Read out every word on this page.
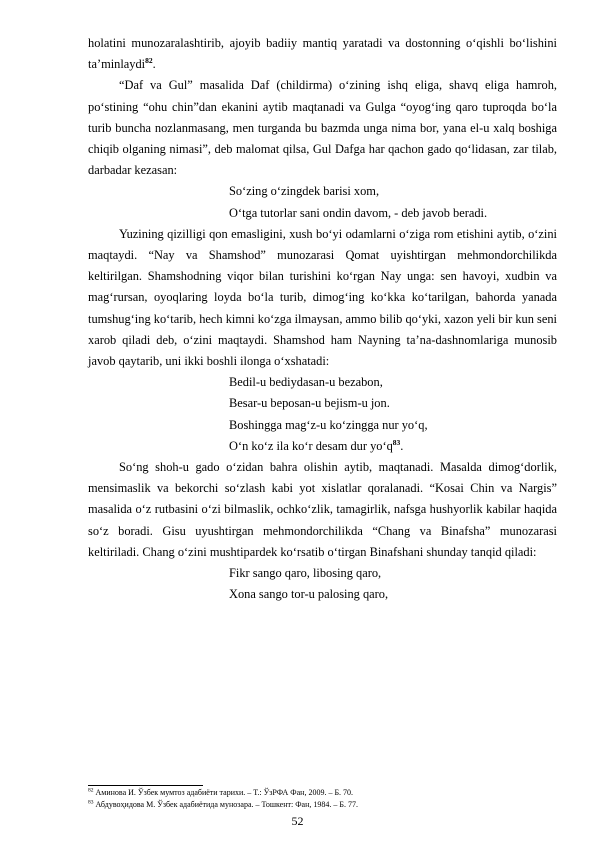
holatini munozaralashtirib, ajoyib badiiy mantiq yaratadi va dostonning o‘qishli bo‘lishini ta’minlaydi$^{82}$.

“Daf va Gul” masalida Daf (childirma) o‘zining ishq eliga, shavq eliga hamroh, po‘stining “ohu chin”dan ekanini aytib maqtanadi va Gulga “oyog‘ing qaro tuproqda bo‘la turib buncha nozlanmasang, men turganda bu bazmda unga nima bor, yana el-u xalq boshiga chiqib olganing nimasi”, deb malomat qilsa, Gul Dafga har qachon gado qo‘lidasan, zar tilab, darbadar kezasan:

So‘zing o‘zingdek barisi xom,

O‘tga tutorlar sani ondin davom, - deb javob beradi.

Yuzining qizilligi qon emasligini, xush bo‘yi odamlarni o‘ziga rom etishini aytib, o‘zini maqtaydi. “Nay va Shamshod” munozarasi Qomat uyishtirgan mehmondorchilikda keltirilgan. Shamshodning viqor bilan turishini ko‘rgan Nay unga: sen havoyi, xudbin va mag‘rursan, oyoqlaring loyda bo‘la turib, dimog‘ing ko‘kka ko‘tarilgan, bahorda yanada tumshug‘ing ko‘tarib, hech kimni ko‘zga ilmaysan, ammo bilib qo‘yki, xazon yeli bir kun seni xarob qiladi deb, o‘zini maqtaydi. Shamshod ham Nayning ta’na-dashnomlariga munosib javob qaytarib, uni ikki boshli ilonga o‘xshatadi:

Bedil-u bediydasan-u bezabon,

Besar-u beposan-u bejism-u jon.

Boshingga mag‘z-u ko‘zingga nur yo‘q,

O‘n ko‘z ila ko‘r desam dur $yo‘q^{83}$.

So‘ng shoh-u gado o‘zidan bahra olishin aytib, maqtanadi. Masalda dimog‘dorlik, mensimaslik va bekorchi so‘zlash kabi yot xislatlar qoralanadi. “Kosai Chin va Nargis” masalida o‘z rutbasini o‘zi bilmaslik, ochko‘zlik, tamagirlik, nafsga hushyorlik kabilar haqida so‘z boradi. Gisu uyushtirgan mehmondorchilikda “Chang va Binafsha” munozarasi keltiriladi. Chang o‘zini mushtipardek ko‘rsatib o‘tirgan Binafshani shunday tanqid qiladi:

Fikr sango qaro, libosing qaro,

Xona sango tor-u palosing qaro,

$^{82}$ Аминова И. Ўзбек мумтоз адабиёти тарихи. – Т.: ЎзРФА Фан, 2009. – Б. 70.

$^{83}$ Абдувоҳидова М. Ўзбек адабиётида мунозара. – Тошкент: Фан, 1984. – Б. 77.

52
